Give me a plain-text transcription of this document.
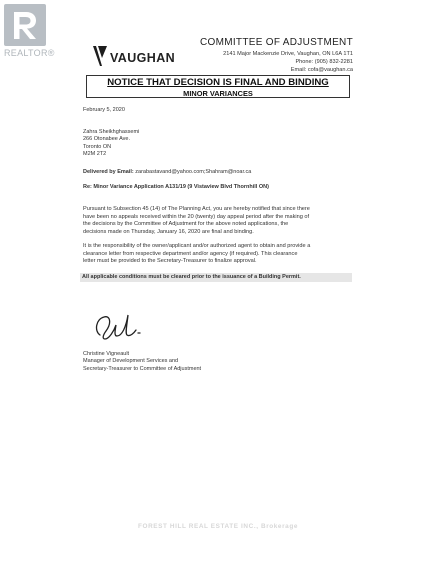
REALTOR®	VAUGHAN
COMMITTEE OF ADJUSTMENT
2141 Major Mackenzie Drive, Vaughan, ON L6A 1T1
Phone: (905) 832-2281
Email: cofa@vaughan.ca
NOTICE THAT DECISION IS FINAL AND BINDING
MINOR VARIANCES
February 5, 2020
Zahra Sheikhghassemi
266 Otonabee Ave.
Toronto ON
M2M 2T2
Delivered by Email: zarabastavand@yahoo.com;Shahram@noar.ca
Re: Minor Variance Application A131/19 (9 Vistaview Blvd Thornhill ON)
Pursuant to Subsection 45 (14) of The Planning Act, you are hereby notified that since there
have been no appeals received within the 20 (twenty) day appeal period after the making of
the decisions by the Committee of Adjustment for the above noted applications, the
decisions made on Thursday, January 16, 2020 are final and binding.
It is the responsibility of the owner/applicant and/or authorized agent to obtain and provide a
clearance letter from respective department and/or agency (if required). This clearance
letter must be provided to the Secretary-Treasurer to finalize approval.
All applicable conditions must be cleared prior to the issuance of a Building Permit.
Christine Vigneault
Manager of Development Services and
Secretary-Treasurer to Committee of Adjustment
FOREST HILL REAL ESTATE INC., Brokerage
